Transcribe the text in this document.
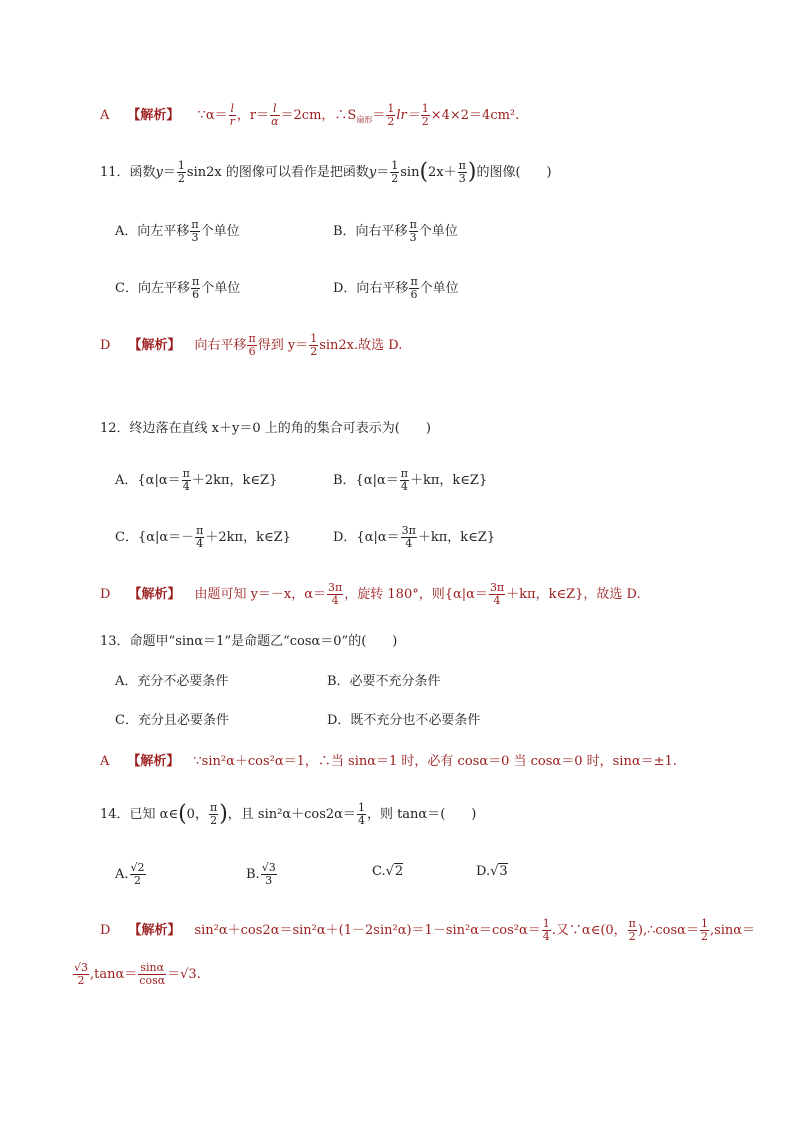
A 【解析】 ∵α＝ $\frac{l}{r}$ ，$r= \frac{l}{\alpha} =2cm$，$\therefore S_{扇形}= \frac{1}{2} lr= \frac{1}{2} \times 4\times 2=4cm^2$.
11．函数$y= \frac{1}{2} \sin 2x$ 的图像可以看作是把函数$y= \frac{1}{2} \sin(2x+ \frac{\pi}{3}$ )的图像(　　)
A．向左平移 $\frac{\pi}{3}$ 个单位	B．向右平移 $\frac{\pi}{3}$ 个单位
C．向左平移 $\frac{\pi}{6}$ 个单位	D．向右平移 $\frac{\pi}{6}$ 个单位
D 【解析】 向右平移 $\frac{\pi}{6}$ 得到 $y= \frac{1}{2} \sin 2x$.故选 D.
12．终边落在直线 x＋y＝0 上的角的集合可表示为(　　)
A．{$\alpha|\alpha= \frac{\pi}{4} +2k\pi$，k∈Z}	B．{$\alpha|\alpha= \frac{\pi}{4} +k\pi$，k∈Z}
C．{$\alpha|\alpha=- \frac{\pi}{4} +2k\pi$，k∈Z}	D．{$\alpha|\alpha= \frac{3\pi}{4} +k\pi$，k∈Z}
D 【解析】 由题可知 y＝－x，$\alpha= \frac{3\pi}{4}$ ，旋转 180°，则{$\alpha|\alpha= \frac{3\pi}{4} +k\pi$，k∈Z}，故选 D.
13．命题甲“sinα＝1”是命题乙“cosα＝0”的(　　)
A．充分不必要条件	B．必要不充分条件
C．充分且必要条件	D．既不充分也不必要条件
A 【解析】 ∵sin²α＋cos²α＝1，∴当 sinα＝1 时，必有 cosα＝0 当 cosα＝0 时，sinα＝±1.
14．已知 α∈(0， $\frac{\pi}{2}$ )，且 $\sin^2\alpha+\cos 2\alpha= \frac{1}{4}$ ，则 tanα＝(　　)
A. $\frac{√2}{2}$	B. $\frac{√3}{3}$	C.√2	D.√3
D 【解析】 $\sin^2\alpha+\cos 2\alpha=\sin^2\alpha+(1-2\sin^2\alpha)=1-\sin^2\alpha=\cos^2\alpha= \frac{1}{4}$ .又∵α∈(0， $\frac{\pi}{2}$ ),∴cosα＝ $\frac{1}{2} ,\sin\alpha=$
$\frac{√3}{2} ,\tan\alpha= \frac{\sin\alpha}{\cos\alpha} =√3$.
